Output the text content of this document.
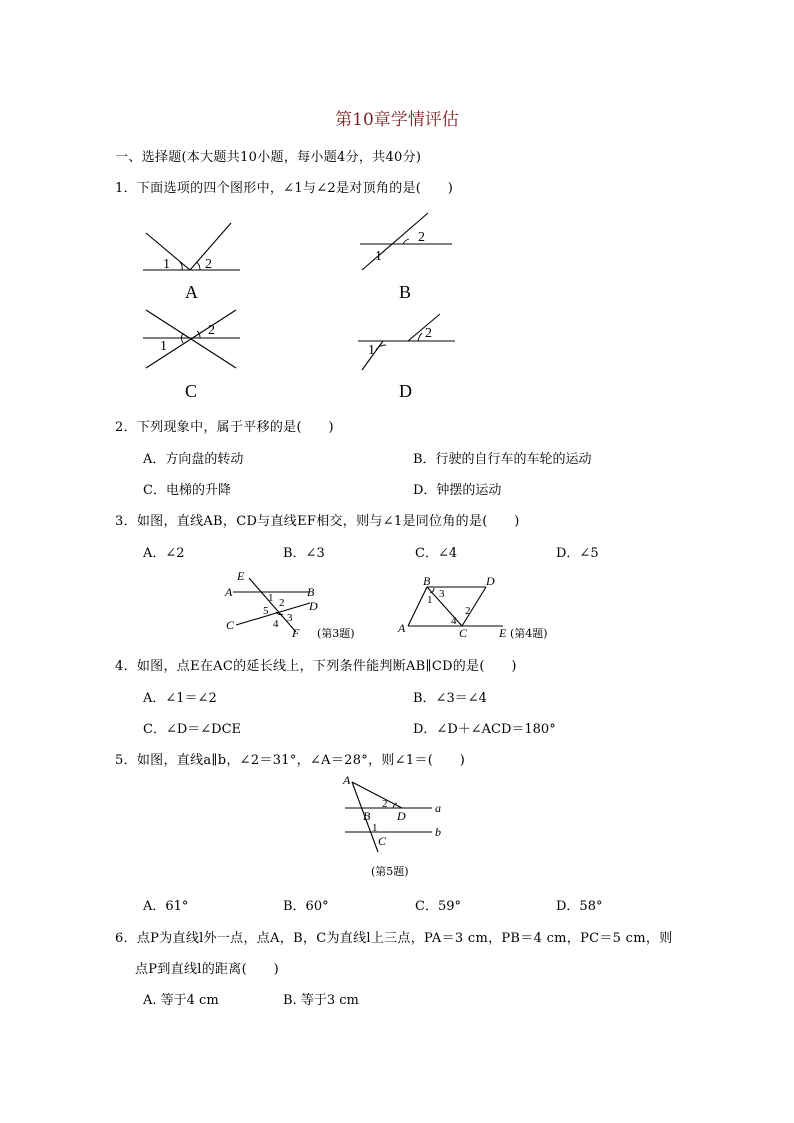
第10章学情评估
一、选择题(本大题共10小题，每小题4分，共40分)
1．下面选项的四个图形中，∠1与∠2是对顶角的是(　　)
1	2
A
2
1
B
1
2
C
1
2
D
2．下列现象中，属于平移的是(　　)
A．方向盘的转动	B．行驶的自行车的车轮的运动
C．电梯的升降	D．钟摆的运动
3．如图，直线AB，CD与直线EF相交，则与∠1是同位角的是(　　)
A．∠2	B．∠3	C．∠4	D．∠5
E
A	B
D
C
F
1 2
5
3
4
(第3题)
B	D
A	C	E
1 3
2
4
(第4题)
4．如图，点E在AC的延长线上，下列条件能判断AB∥CD的是(　　)
A．∠1＝∠2	B．∠3＝∠4
C．∠D＝∠DCE	D．∠D＋∠ACD＝180°
5．如图，直线a∥b，∠2＝31°，∠A＝28°，则∠1＝(　　)
A
a
b
B D
C
2
1
(第5题)
A．61°	B．60°	C．59°	D．58°
6．点P为直线l外一点，点A，B，C为直线l上三点，PA＝3 cm，PB＝4 cm，PC＝5 cm，则
点P到直线l的距离(　　)
A. 等于4 cm	B. 等于3 cm
